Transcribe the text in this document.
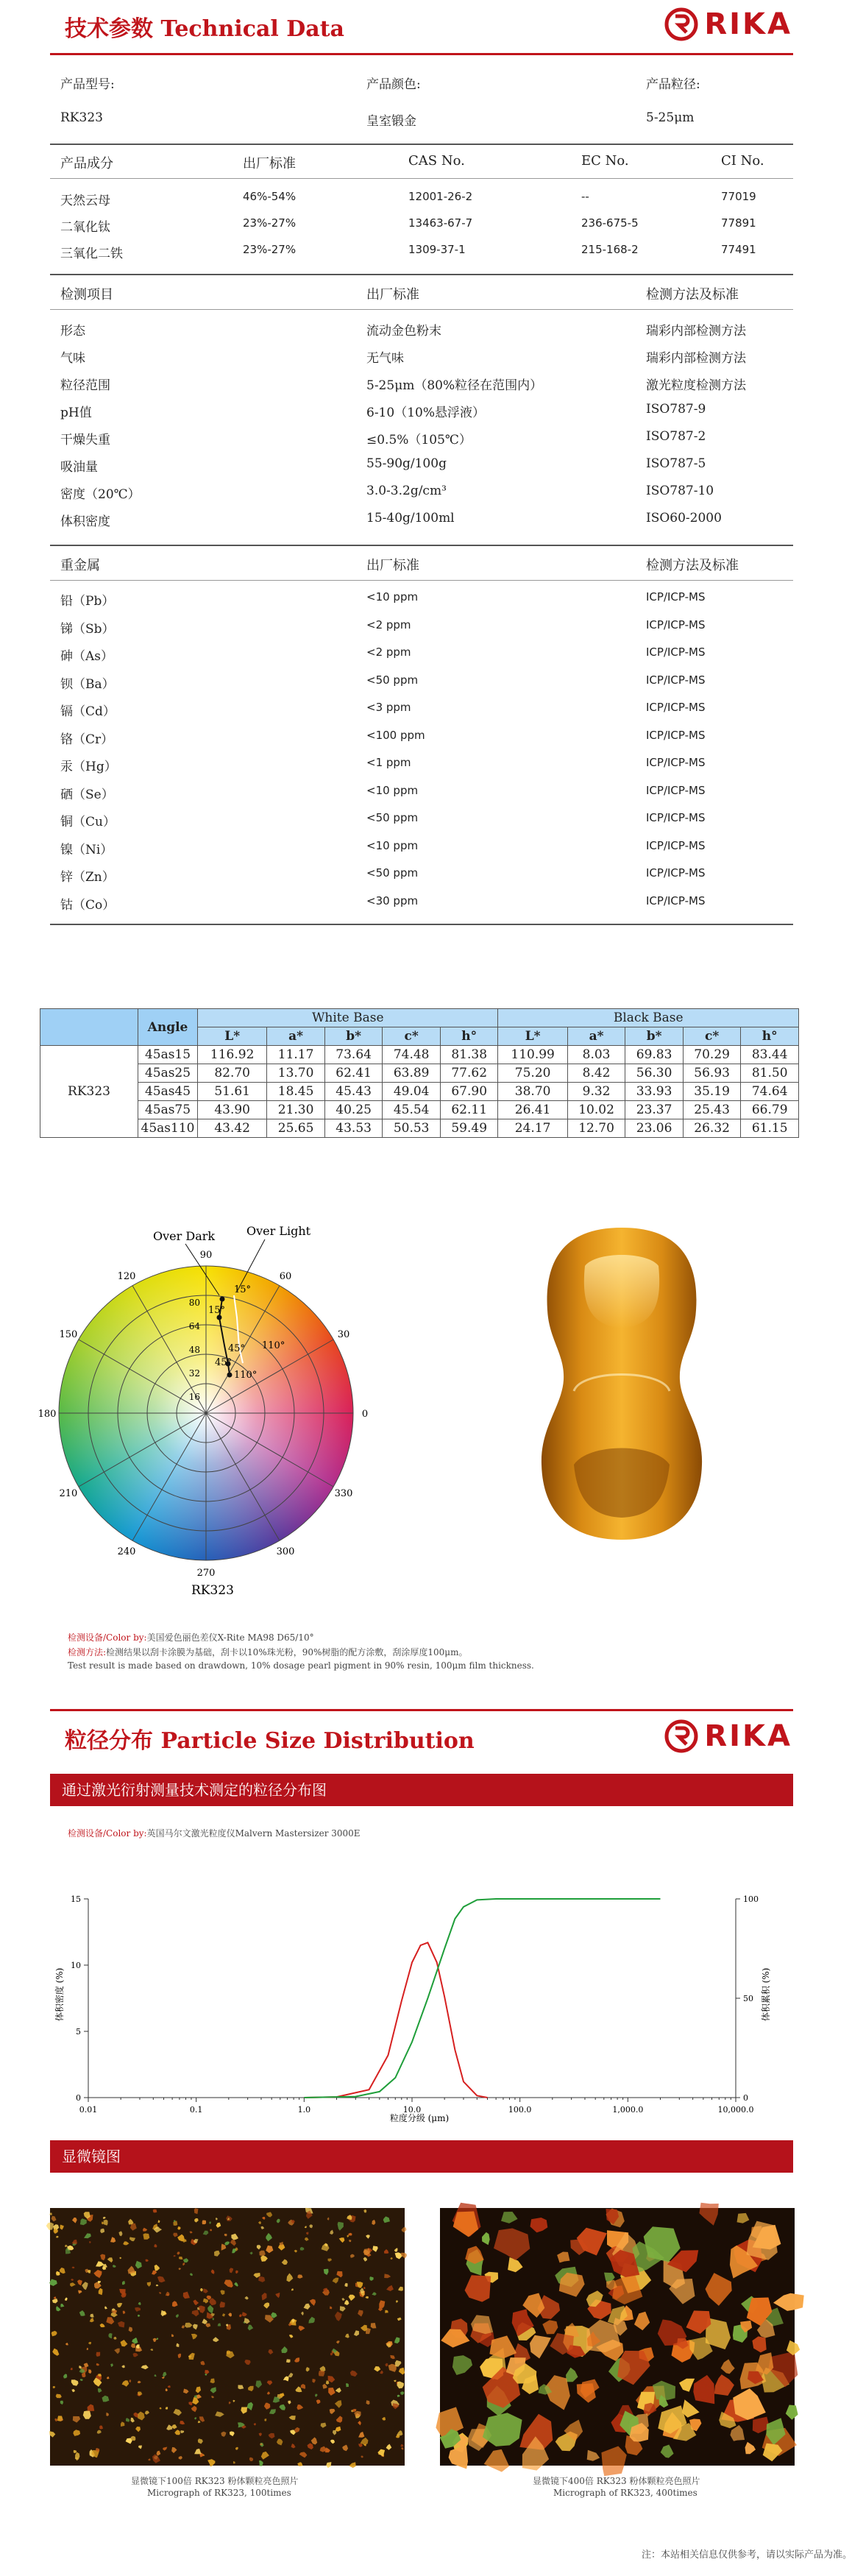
技术参数 Technical Data	RIKA
产品型号:	产品颜色:	产品粒径:
RK323	皇室锻金	5-25μm
产品成分	出厂标准	CAS No.	EC No.	CI No.
天然云母	46%-54%	12001-26-2	--	77019
二氧化钛	23%-27%	13463-67-7	236-675-5	77891
三氧化二铁	23%-27%	1309-37-1	215-168-2	77491
检测项目	出厂标准	检测方法及标准
形态	流动金色粉末	瑞彩内部检测方法
气味	无气味	瑞彩内部检测方法
粒径范围	5-25μm（80%粒径在范围内）	激光粒度检测方法
pH值	6-10（10%悬浮液）	ISO787-9
干燥失重	≤0.5%（105℃）	ISO787-2
吸油量	55-90g/100g	ISO787-5
密度（20℃）	3.0-3.2g/cm³	ISO787-10
体积密度	15-40g/100ml	ISO60-2000
重金属	出厂标准	检测方法及标准
铅（Pb）	<10 ppm	ICP/ICP-MS
锑（Sb）	<2 ppm	ICP/ICP-MS
砷（As）	<2 ppm	ICP/ICP-MS
钡（Ba）	<50 ppm	ICP/ICP-MS
镉（Cd）	<3 ppm	ICP/ICP-MS
铬（Cr）	<100 ppm	ICP/ICP-MS
汞（Hg）	<1 ppm	ICP/ICP-MS
硒（Se）	<10 ppm	ICP/ICP-MS
铜（Cu）	<50 ppm	ICP/ICP-MS
镍（Ni）	<10 ppm	ICP/ICP-MS
锌（Zn）	<50 ppm	ICP/ICP-MS
钴（Co）	<30 ppm	ICP/ICP-MS
	Angle	White Base					Black Base				
		L*	a*	b*	c*	h°	L*	a*	b*	c*	h°
RK323	45as15	116.92	11.17	73.64	74.48	81.38	110.99	8.03	69.83	70.29	83.44
	45as25	82.70	13.70	62.41	63.89	77.62	75.20	8.42	56.30	56.93	81.50
	45as45	51.61	18.45	45.43	49.04	67.90	38.70	9.32	33.93	35.19	74.64
	45as75	43.90	21.30	40.25	45.54	62.11	26.41	10.02	23.37	25.43	66.79
	45as110	43.42	25.65	43.53	50.53	59.49	24.17	12.70	23.06	26.32	61.15
90
120	60
150	30
180	0
210	330
240	300
270
80
64
48
32
16
15°
110°
45°
45°
110°
15°
Over Dark	Over Light
RK323
检测设备/Color by:美国爱色丽色差仪X-Rite MA98 D65/10°
检测方法:检测结果以刮卡涂膜为基础，刮卡以10%珠光粉，90%树脂的配方涂敷，刮涂厚度100μm。
Test result is made based on drawdown, 10% dosage pearl pigment in 90% resin, 100μm film thickness.
粒径分布 Particle Size Distribution	RIKA
通过激光衍射测量技术测定的粒径分布图
检测设备/Color by:英国马尔文激光粒度仪Malvern Mastersizer 3000E
0.01	0.1	1.0	10.0	100.0	1,000.0	10,000.0
15
10
5
0
100
50
0
体积密度 (%)	体积累积 (%)
粒度分级 (μm)
显微镜图
显微镜下100倍 RK323 粉体颗粒亮色照片
Micrograph of RK323, 100times
显微镜下400倍 RK323 粉体颗粒亮色照片
Micrograph of RK323, 400times
注：本站相关信息仅供参考，请以实际产品为准。
